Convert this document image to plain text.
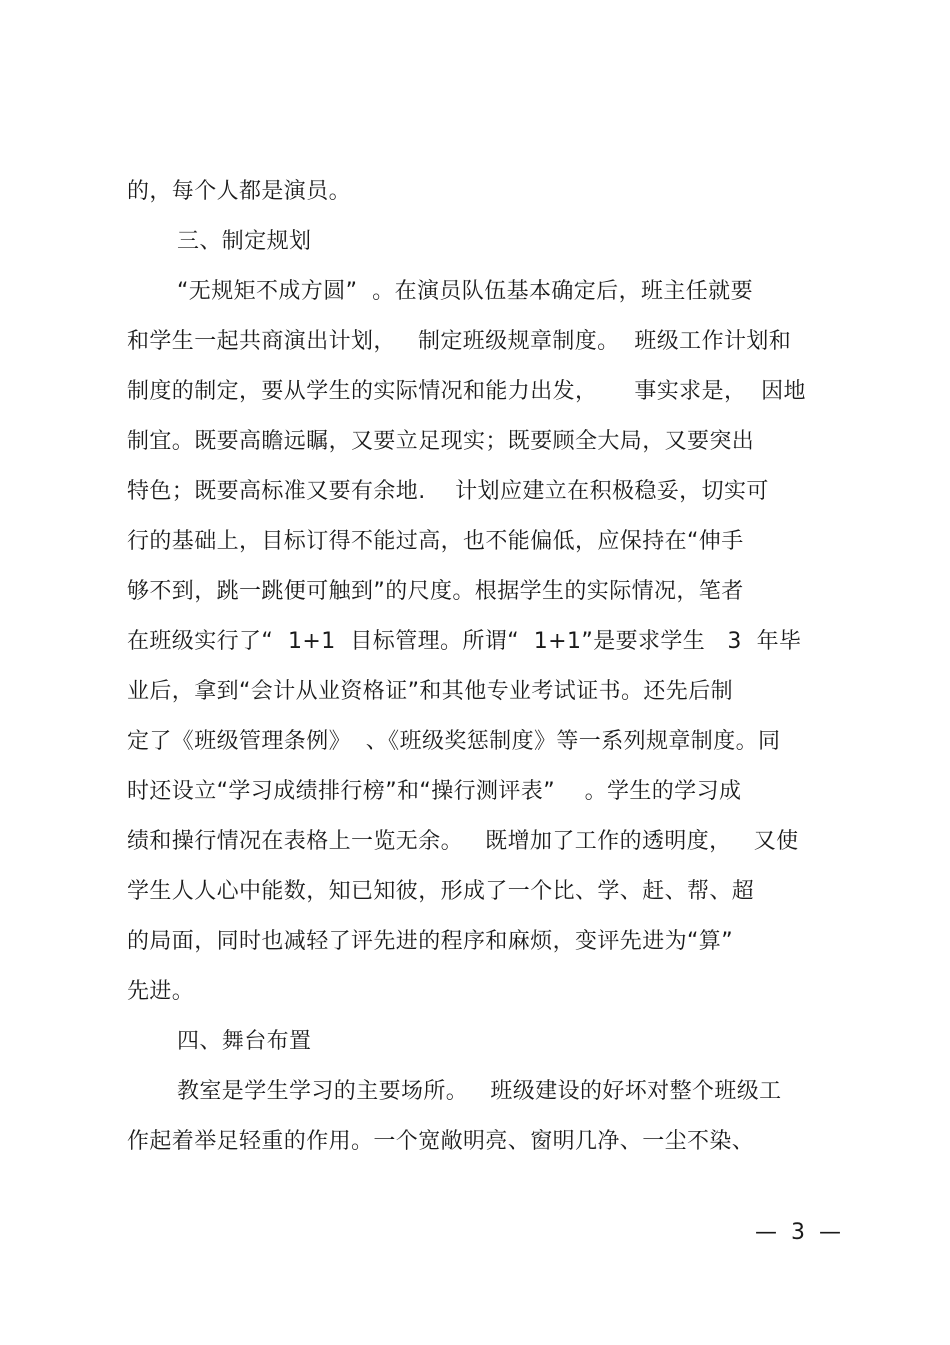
的，每个人都是演员。
三、制定规划
“无规矩不成方圆”  。在演员队伍基本确定后，班主任就要
和学生一起共商演出计划，   制定班级规章制度。  班级工作计划和
制度的制定，要从学生的实际情况和能力出发，     事实求是，  因地
制宜。既要高瞻远瞩，又要立足现实；既要顾全大局，又要突出
特色；既要高标准又要有余地.    计划应建立在积极稳妥，切实可
行的基础上，目标订得不能过高，也不能偏低，应保持在“伸手
够不到，跳一跳便可触到”的尺度。根据学生的实际情况，笔者
在班级实行了“  1+1  目标管理。所谓“  1+1”是要求学生   3  年毕
业后，拿到“会计从业资格证”和其他专业考试证书。还先后制
定了《班级管理条例》  、《班级奖惩制度》等一系列规章制度。同
时还设立“学习成绩排行榜”和“操行测评表”    。学生的学习成
绩和操行情况在表格上一览无余。   既增加了工作的透明度，   又使
学生人人心中能数，知已知彼，形成了一个比、学、赶、帮、超
的局面，同时也减轻了评先进的程序和麻烦，变评先进为“算”
先进。
四、舞台布置
教室是学生学习的主要场所。   班级建设的好坏对整个班级工
作起着举足轻重的作用。一个宽敞明亮、窗明几净、一尘不染、
—  3  —
